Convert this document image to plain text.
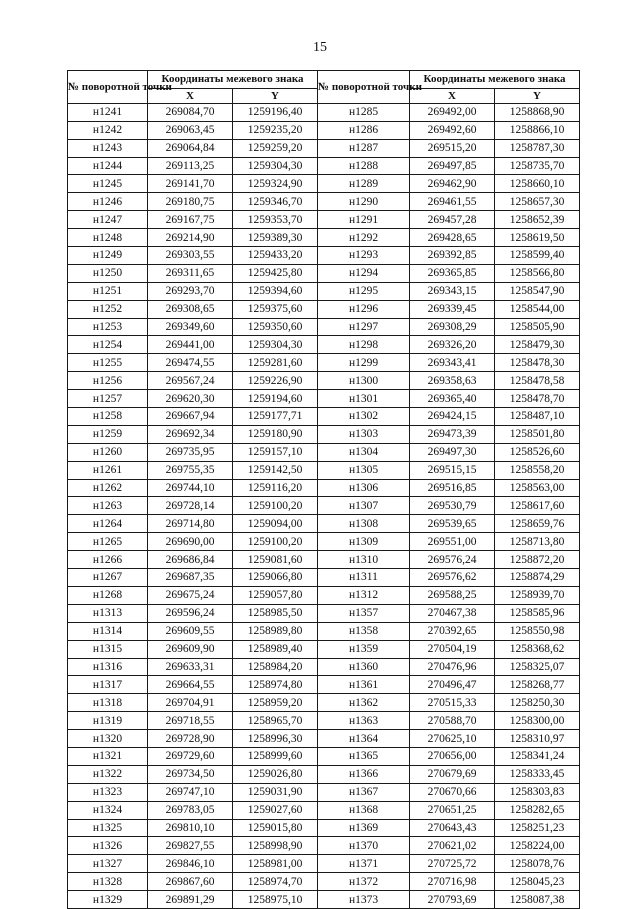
15
№ поворотной точки	Координаты межевого знака		№ поворотной точки	Координаты межевого знака	
	X	Y		X	Y
н1241	269084,70	1259196,40	н1285	269492,00	1258868,90
н1242	269063,45	1259235,20	н1286	269492,60	1258866,10
н1243	269064,84	1259259,20	н1287	269515,20	1258787,30
н1244	269113,25	1259304,30	н1288	269497,85	1258735,70
н1245	269141,70	1259324,90	н1289	269462,90	1258660,10
н1246	269180,75	1259346,70	н1290	269461,55	1258657,30
н1247	269167,75	1259353,70	н1291	269457,28	1258652,39
н1248	269214,90	1259389,30	н1292	269428,65	1258619,50
н1249	269303,55	1259433,20	н1293	269392,85	1258599,40
н1250	269311,65	1259425,80	н1294	269365,85	1258566,80
н1251	269293,70	1259394,60	н1295	269343,15	1258547,90
н1252	269308,65	1259375,60	н1296	269339,45	1258544,00
н1253	269349,60	1259350,60	н1297	269308,29	1258505,90
н1254	269441,00	1259304,30	н1298	269326,20	1258479,30
н1255	269474,55	1259281,60	н1299	269343,41	1258478,30
н1256	269567,24	1259226,90	н1300	269358,63	1258478,58
н1257	269620,30	1259194,60	н1301	269365,40	1258478,70
н1258	269667,94	1259177,71	н1302	269424,15	1258487,10
н1259	269692,34	1259180,90	н1303	269473,39	1258501,80
н1260	269735,95	1259157,10	н1304	269497,30	1258526,60
н1261	269755,35	1259142,50	н1305	269515,15	1258558,20
н1262	269744,10	1259116,20	н1306	269516,85	1258563,00
н1263	269728,14	1259100,20	н1307	269530,79	1258617,60
н1264	269714,80	1259094,00	н1308	269539,65	1258659,76
н1265	269690,00	1259100,20	н1309	269551,00	1258713,80
н1266	269686,84	1259081,60	н1310	269576,24	1258872,20
н1267	269687,35	1259066,80	н1311	269576,62	1258874,29
н1268	269675,24	1259057,80	н1312	269588,25	1258939,70
н1313	269596,24	1258985,50	н1357	270467,38	1258585,96
н1314	269609,55	1258989,80	н1358	270392,65	1258550,98
н1315	269609,90	1258989,40	н1359	270504,19	1258368,62
н1316	269633,31	1258984,20	н1360	270476,96	1258325,07
н1317	269664,55	1258974,80	н1361	270496,47	1258268,77
н1318	269704,91	1258959,20	н1362	270515,33	1258250,30
н1319	269718,55	1258965,70	н1363	270588,70	1258300,00
н1320	269728,90	1258996,30	н1364	270625,10	1258310,97
н1321	269729,60	1258999,60	н1365	270656,00	1258341,24
н1322	269734,50	1259026,80	н1366	270679,69	1258333,45
н1323	269747,10	1259031,90	н1367	270670,66	1258303,83
н1324	269783,05	1259027,60	н1368	270651,25	1258282,65
н1325	269810,10	1259015,80	н1369	270643,43	1258251,23
н1326	269827,55	1258998,90	н1370	270621,02	1258224,00
н1327	269846,10	1258981,00	н1371	270725,72	1258078,76
н1328	269867,60	1258974,70	н1372	270716,98	1258045,23
н1329	269891,29	1258975,10	н1373	270793,69	1258087,38
